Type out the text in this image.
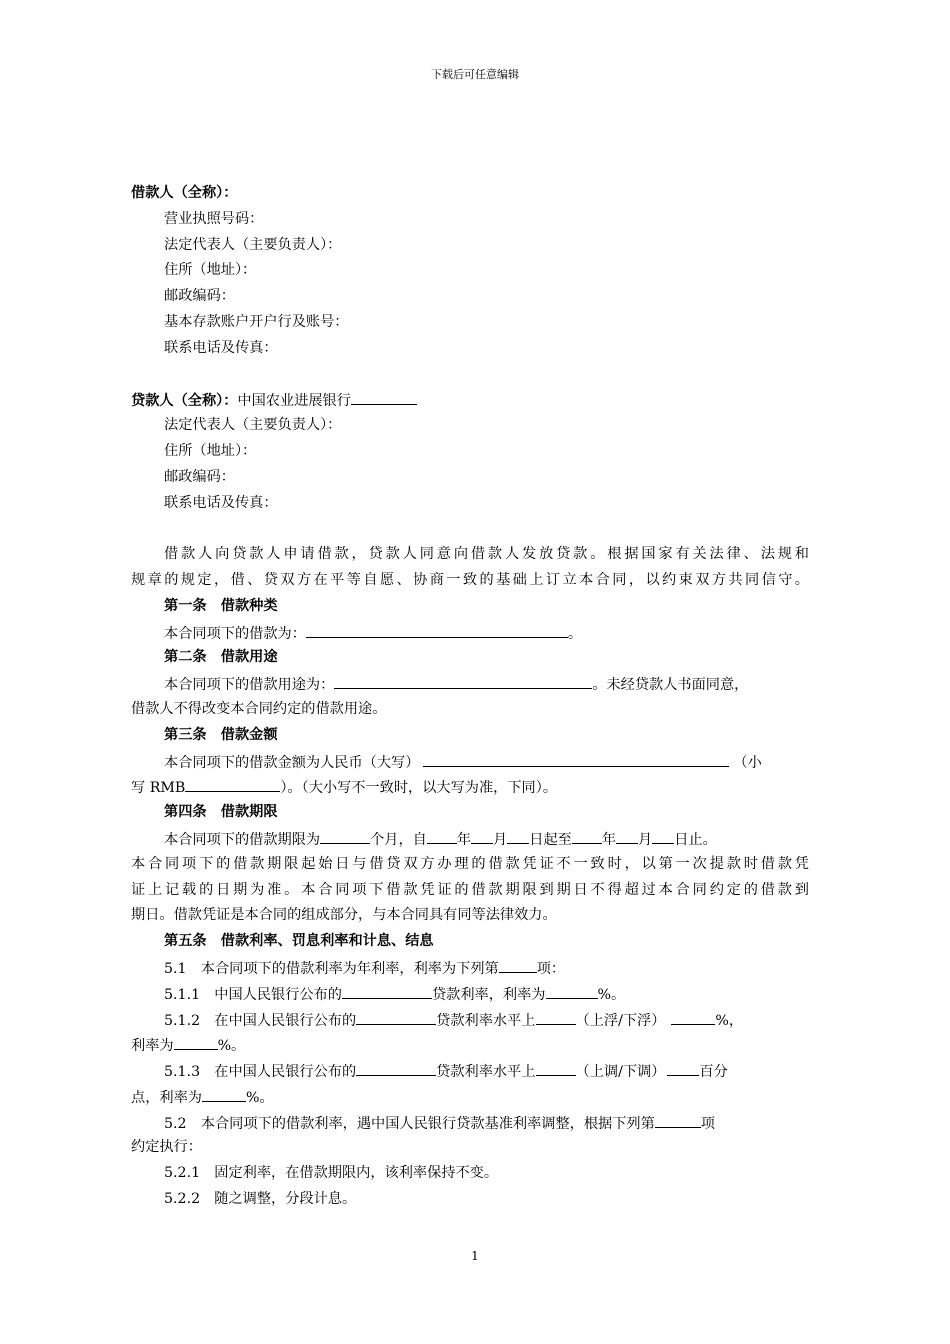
下载后可任意编辑
借款人（全称）：
营业执照号码：
法定代表人（主要负责人）：
住所（地址）：
邮政编码：
基本存款账户开户行及账号：
联系电话及传真：
贷款人（全称）：中国农业进展银行
法定代表人（主要负责人）：
住所（地址）：
邮政编码：
联系电话及传真：
借款人向贷款人申请借款，贷款人同意向借款人发放贷款。根据国家有关法律、法规和
规章的规定，借、贷双方在平等自愿、协商一致的基础上订立本合同，以约束双方共同信守。
第一条　借款种类
本合同项下的借款为：	。
第二条　借款用途
本合同项下的借款用途为：	。未经贷款人书面同意，
借款人不得改变本合同约定的借款用途。
第三条　借款金额
本合同项下的借款金额为人民币（大写）	（小
写 RMB	）。（大小写不一致时，以大写为准，下同）。
第四条　借款期限
本合同项下的借款期限为	个月，自 年 月 日起至 年 月 日止。
本合同项下的借款期限起始日与借贷双方办理的借款凭证不一致时，以第一次提款时借款凭
证上记载的日期为准。本合同项下借款凭证的借款期限到期日不得超过本合同约定的借款到
期日。借款凭证是本合同的组成部分，与本合同具有同等法律效力。
第五条　借款利率、罚息利率和计息、结息
5.1　本合同项下的借款利率为年利率，利率为下列第	项：
5.1.1　中国人民银行公布的	贷款利率，利率为	%。
5.1.2　在中国人民银行公布的	贷款利率水平上	（上浮/下浮）	%，
利率为	%。
5.1.3　在中国人民银行公布的	贷款利率水平上	（上调/下调） 百分
点，利率为	%。
5.2　本合同项下的借款利率，遇中国人民银行贷款基准利率调整，根据下列第	项
约定执行：
5.2.1　固定利率，在借款期限内，该利率保持不变。
5.2.2　随之调整，分段计息。
1
